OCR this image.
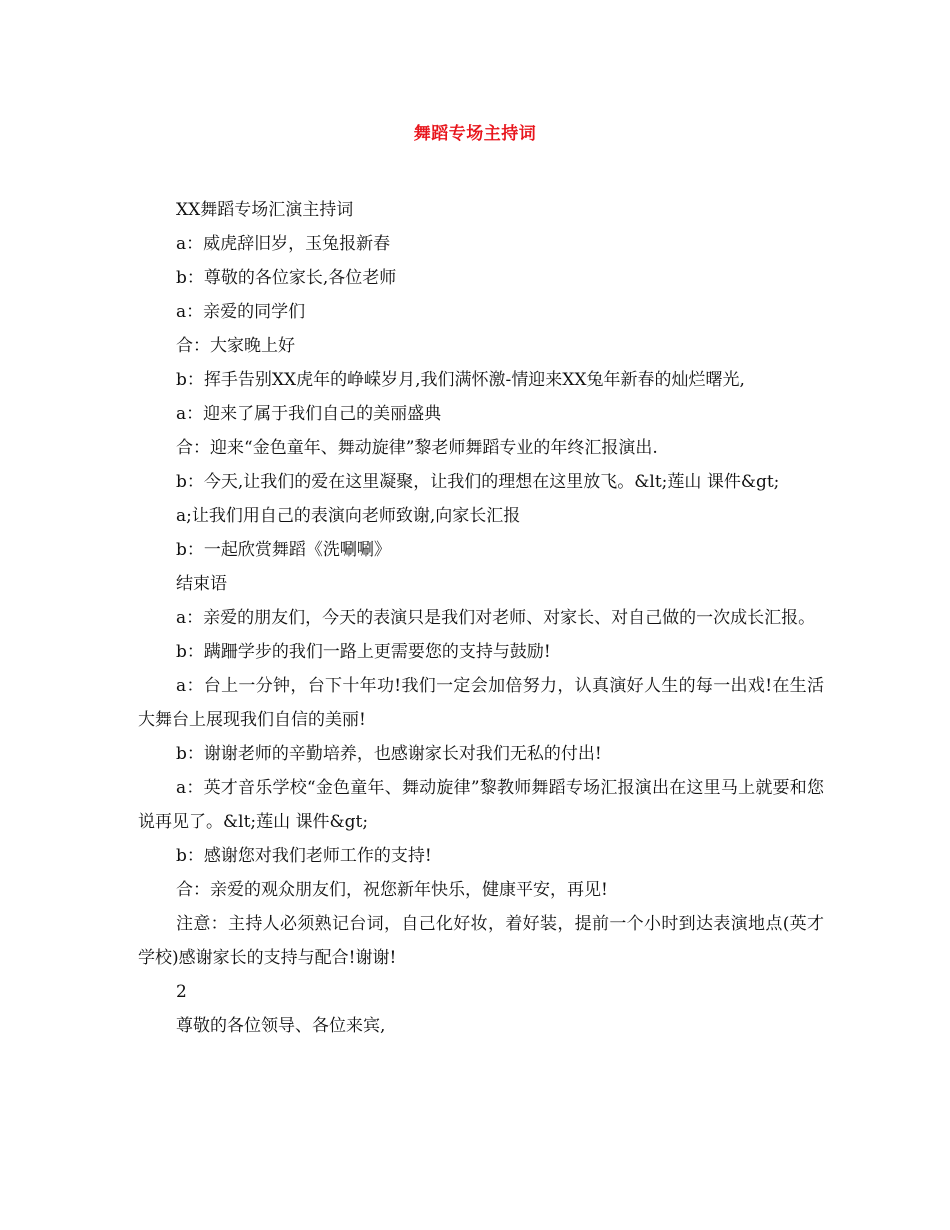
舞蹈专场主持词

XX舞蹈专场汇演主持词

a：威虎辞旧岁，玉兔报新春

b：尊敬的各位家长,各位老师

a：亲爱的同学们

合：大家晚上好

b：挥手告别XX虎年的峥嵘岁月,我们满怀激-情迎来XX兔年新春的灿烂曙光,

a：迎来了属于我们自己的美丽盛典

合：迎来“金色童年、舞动旋律”黎老师舞蹈专业的年终汇报演出.

b：今天,让我们的爱在这里凝聚，让我们的理想在这里放飞。&lt;莲山 课件&gt;

a;让我们用自己的表演向老师致谢,向家长汇报

b：一起欣赏舞蹈《洗唰唰》

结束语

a：亲爱的朋友们，今天的表演只是我们对老师、对家长、对自己做的一次成长汇报。

b：蹒跚学步的我们一路上更需要您的支持与鼓励!

a：台上一分钟，台下十年功!我们一定会加倍努力，认真演好人生的每一出戏!在生活大舞台上展现我们自信的美丽!

b：谢谢老师的辛勤培养，也感谢家长对我们无私的付出!

a：英才音乐学校“金色童年、舞动旋律”黎教师舞蹈专场汇报演出在这里马上就要和您说再见了。&lt;莲山 课件&gt;

b：感谢您对我们老师工作的支持!

合：亲爱的观众朋友们，祝您新年快乐，健康平安，再见!

注意：主持人必须熟记台词，自己化好妆，着好装，提前一个小时到达表演地点(英才学校)感谢家长的支持与配合!谢谢!

2

尊敬的各位领导、各位来宾,
